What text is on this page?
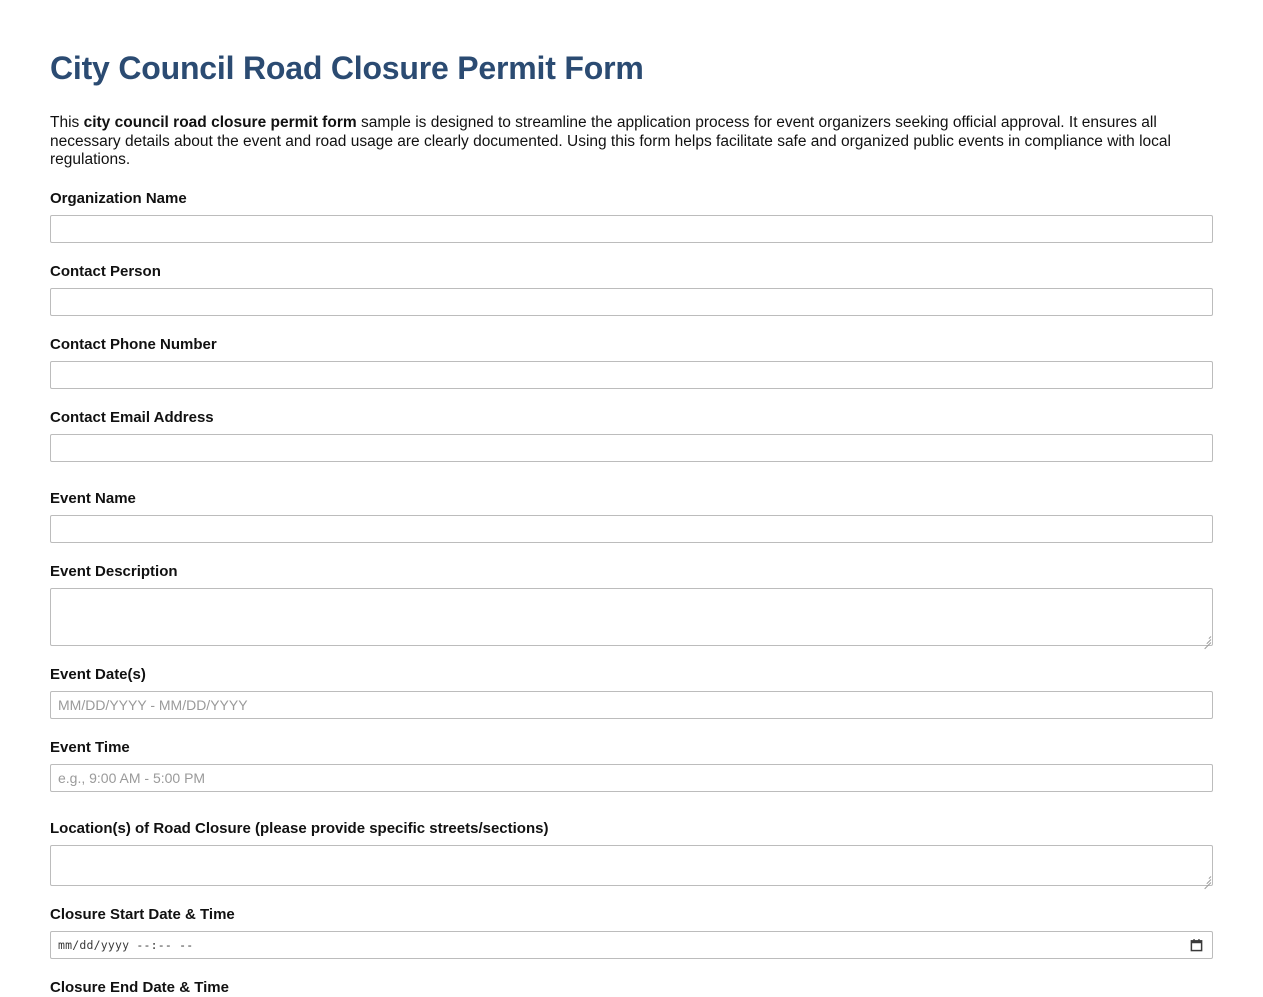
City Council Road Closure Permit Form

This city council road closure permit form sample is designed to streamline the application process for event organizers seeking official approval. It ensures all necessary details about the event and road usage are clearly documented. Using this form helps facilitate safe and organized public events in compliance with local regulations.

Organization Name
Contact Person
Contact Phone Number
Contact Email Address
Event Name
Event Description
Event Date(s)
MM/DD/YYYY - MM/DD/YYYY
Event Time
e.g., 9:00 AM - 5:00 PM
Location(s) of Road Closure (please provide specific streets/sections)
Closure Start Date & Time
mm/dd/yyyy --:-- --
Closure End Date & Time
